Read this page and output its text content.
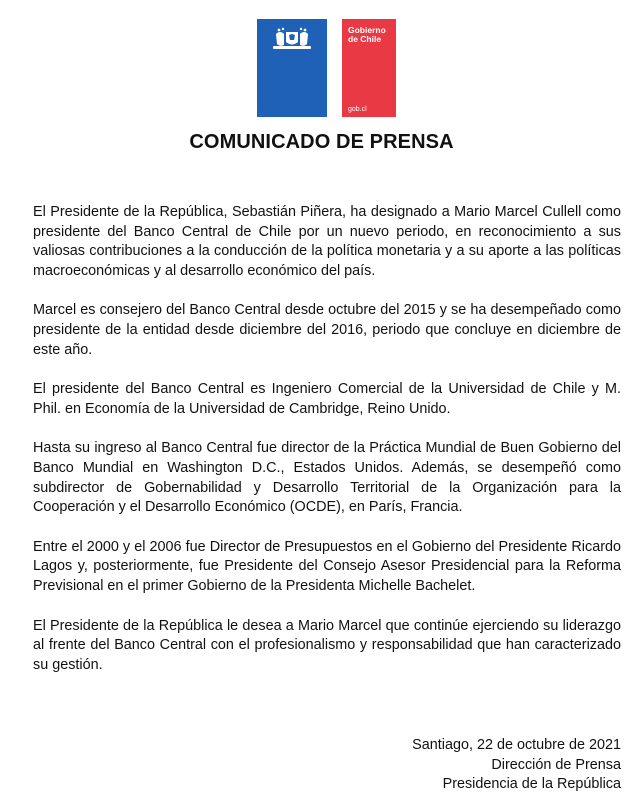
Gobierno
de Chile
gob.cl
COMUNICADO DE PRENSA

El Presidente de la República, Sebastián Piñera, ha designado a Mario Marcel Cullell como presidente del Banco Central de Chile por un nuevo periodo, en reconocimiento a sus valiosas contribuciones a la conducción de la política monetaria y a su aporte a las políticas macroeconómicas y al desarrollo económico del país.

Marcel es consejero del Banco Central desde octubre del 2015 y se ha desempeñado como presidente de la entidad desde diciembre del 2016, periodo que concluye en diciembre de este año.

El presidente del Banco Central es Ingeniero Comercial de la Universidad de Chile y M. Phil. en Economía de la Universidad de Cambridge, Reino Unido.

Hasta su ingreso al Banco Central fue director de la Práctica Mundial de Buen Gobierno del Banco Mundial en Washington D.C., Estados Unidos. Además, se desempeñó como subdirector de Gobernabilidad y Desarrollo Territorial de la Organización para la Cooperación y el Desarrollo Económico (OCDE), en París, Francia.

Entre el 2000 y el 2006 fue Director de Presupuestos en el Gobierno del Presidente Ricardo Lagos y, posteriormente, fue Presidente del Consejo Asesor Presidencial para la Reforma Previsional en el primer Gobierno de la Presidenta Michelle Bachelet.

El Presidente de la República le desea a Mario Marcel que continúe ejerciendo su liderazgo al frente del Banco Central con el profesionalismo y responsabilidad que han caracterizado su gestión.

Santiago, 22 de octubre de 2021
Dirección de Prensa
Presidencia de la República
